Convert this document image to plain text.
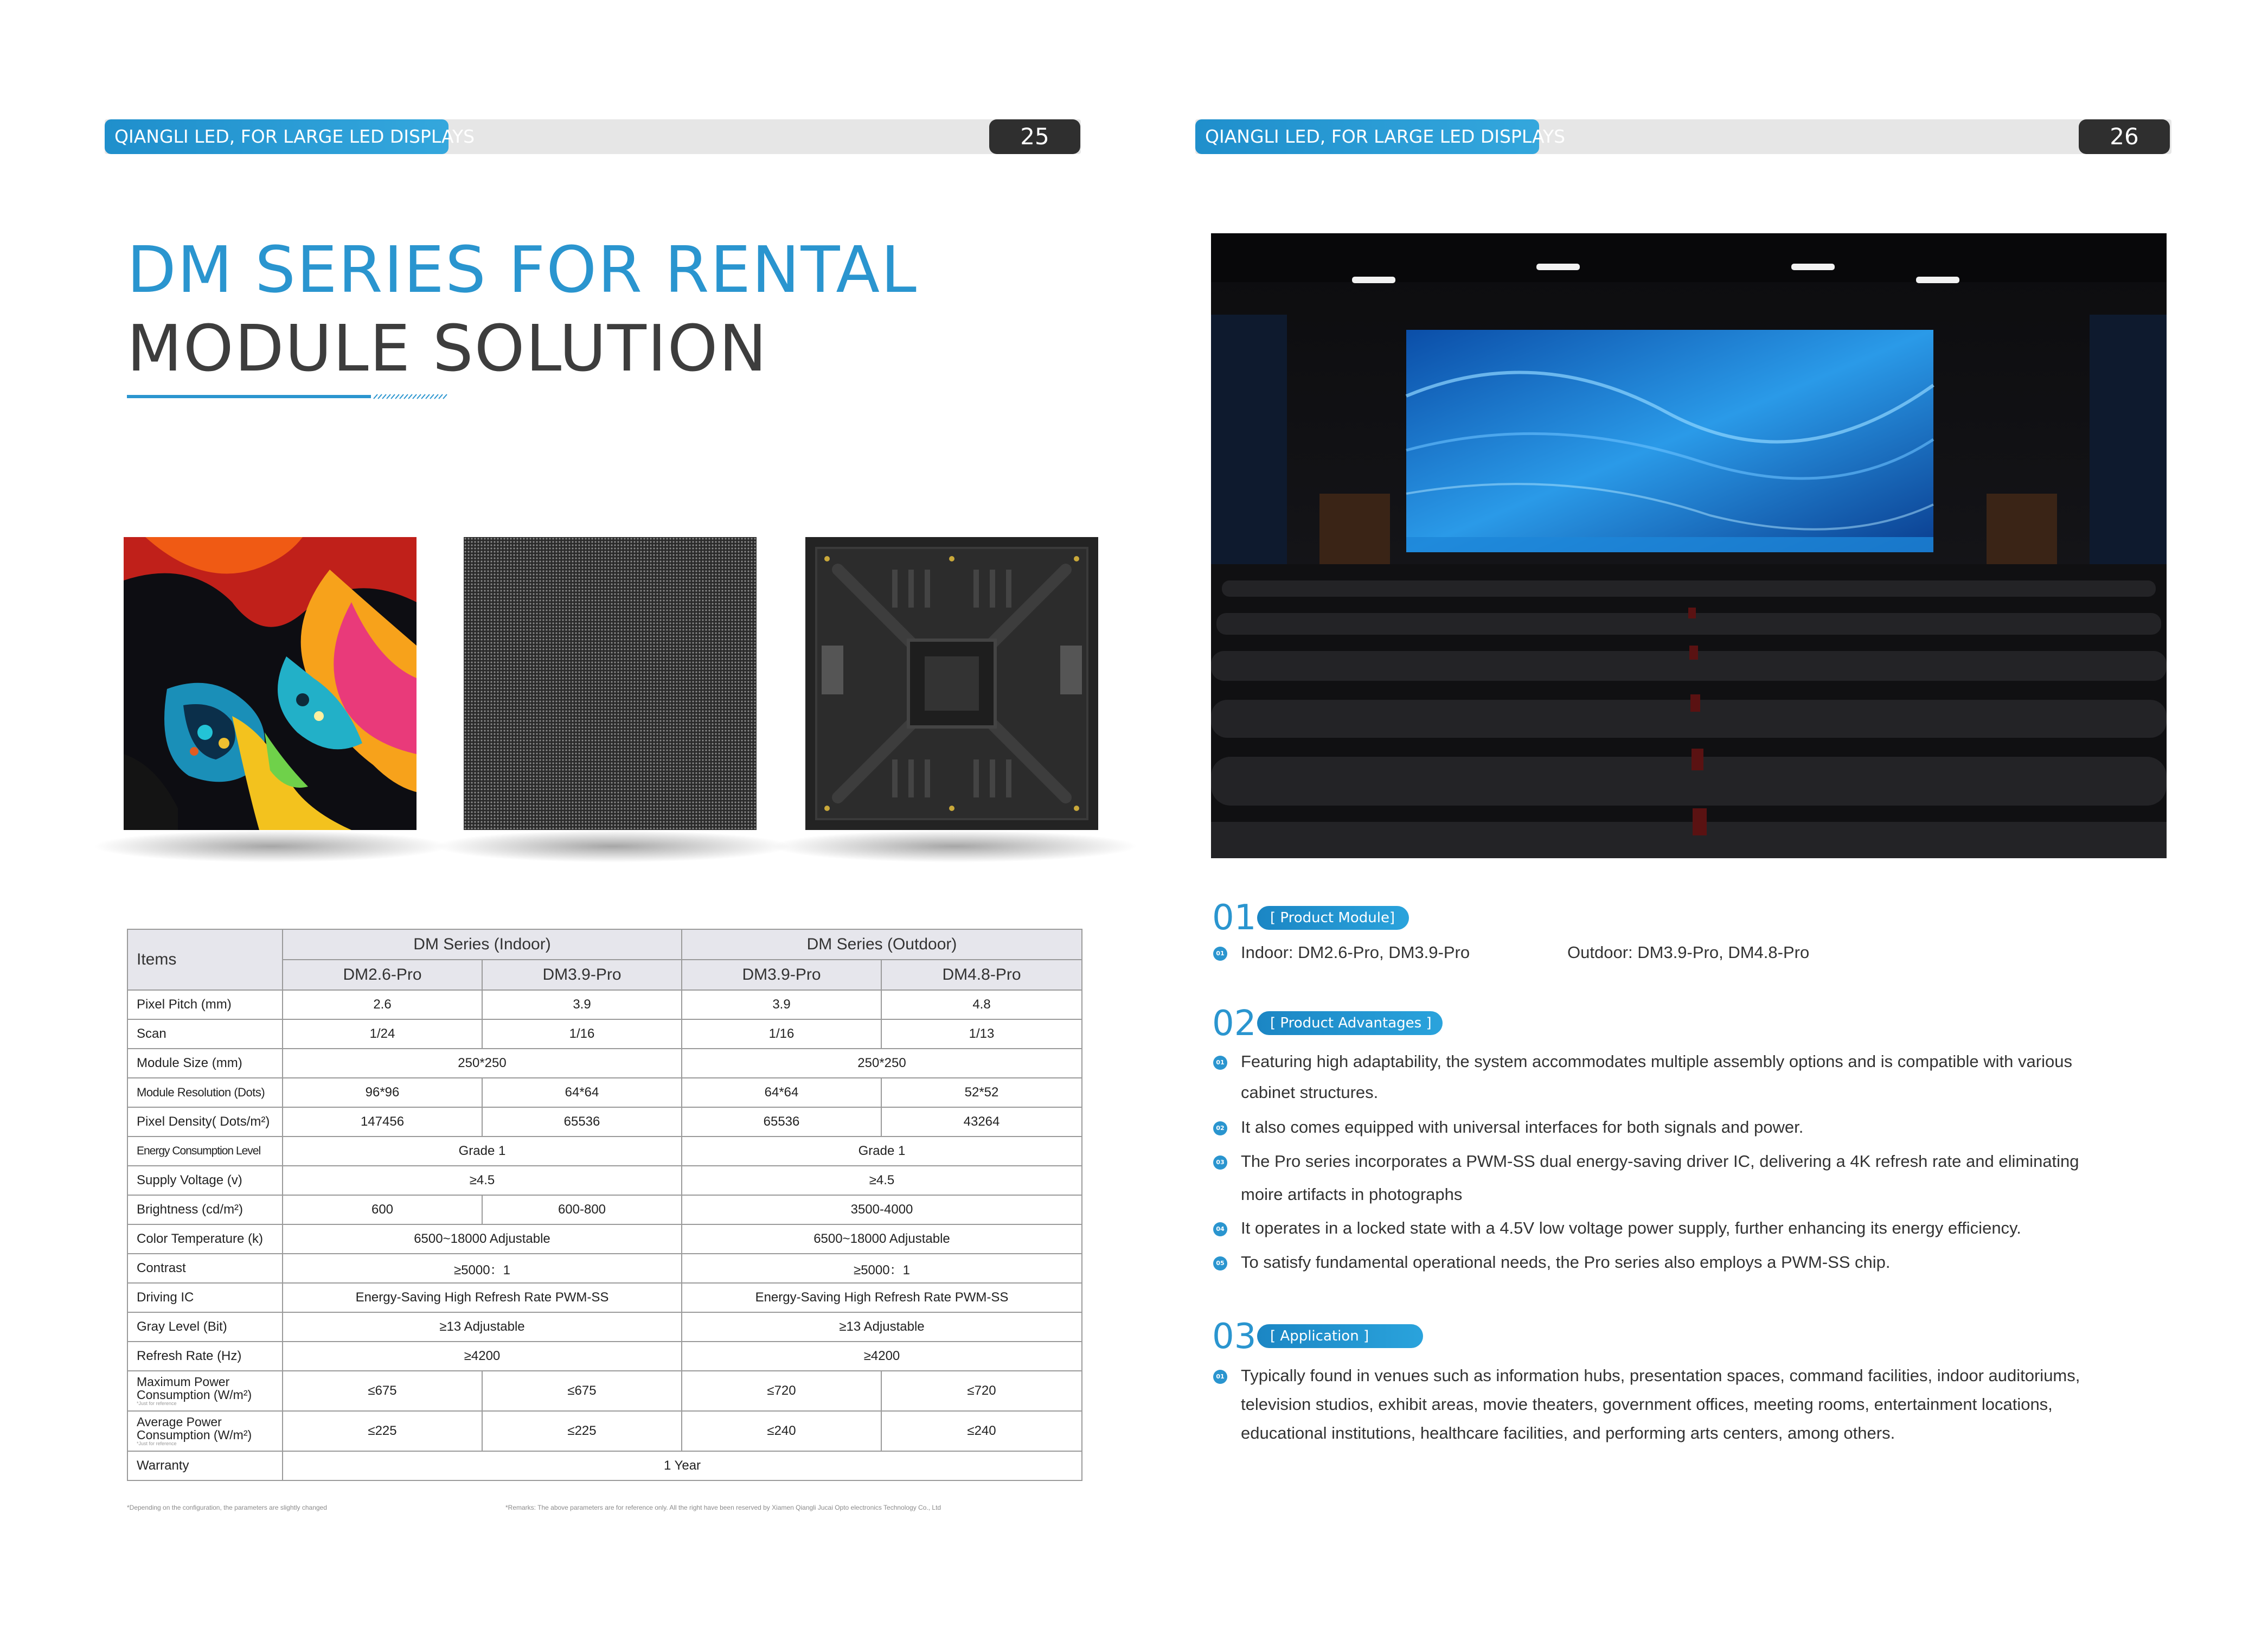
QIANGLI LED, FOR LARGE LED DISPLAYS	25	QIANGLI LED, FOR LARGE LED DISPLAYS	26
DM SERIES FOR RENTAL
MODULE SOLUTION
Items	DM Series (Indoor)		DM Series (Outdoor)	
	DM2.6-Pro	DM3.9-Pro	DM3.9-Pro	DM4.8-Pro
Pixel Pitch (mm)	2.6	3.9	3.9	4.8
Scan	1/24	1/16	1/16	1/13
Module Size (mm)	250*250		250*250	
Module Resolution (Dots)	96*96	64*64	64*64	52*52
Pixel Density( Dots/m²)	147456	65536	65536	43264
Energy Consumption Level	Grade 1		Grade 1	
Supply Voltage (v)	≥4.5		≥4.5	
Brightness (cd/m²)	600	600-800	3500-4000	
Color Temperature (k)	6500~18000 Adjustable		6500~18000 Adjustable	
Contrast	≥5000：1		≥5000：1	
Driving IC	Energy-Saving High Refresh Rate PWM-SS		Energy-Saving High Refresh Rate PWM-SS	
Gray Level (Bit)	≥13 Adjustable		≥13 Adjustable	
Refresh Rate (Hz)	≥4200		≥4200	

Maximum Power
Consumption (W/m²)
*Just for reference	≤675	≤675	≤720	≤720

Average Power
Consumption (W/m²)
*Just for reference	≤225	≤225	≤240	≤240
Warranty	1 Year			
*Depending on the configuration, the parameters are slightly changed	*Remarks: The above parameters are for reference only. All the right have been reserved by Xiamen Qiangli Jucai Opto electronics Technology Co., Ltd
01 [ Product Module]
01 Indoor: DM2.6-Pro, DM3.9-Pro	Outdoor: DM3.9-Pro, DM4.8-Pro
02 [ Product Advantages ]
01 Featuring high adaptability, the system accommodates multiple assembly options and is compatible with various
cabinet structures.
02 It also comes equipped with universal interfaces for both signals and power.
03 The Pro series incorporates a PWM-SS dual energy-saving driver IC, delivering a 4K refresh rate and eliminating
moire artifacts in photographs
04 It operates in a locked state with a 4.5V low voltage power supply, further enhancing its energy efficiency.
05 To satisfy fundamental operational needs, the Pro series also employs a PWM-SS chip.
03 [ Application ]
01 Typically found in venues such as information hubs, presentation spaces, command facilities, indoor auditoriums,
television studios, exhibit areas, movie theaters, government offices, meeting rooms, entertainment locations,
educational institutions, healthcare facilities, and performing arts centers, among others.
